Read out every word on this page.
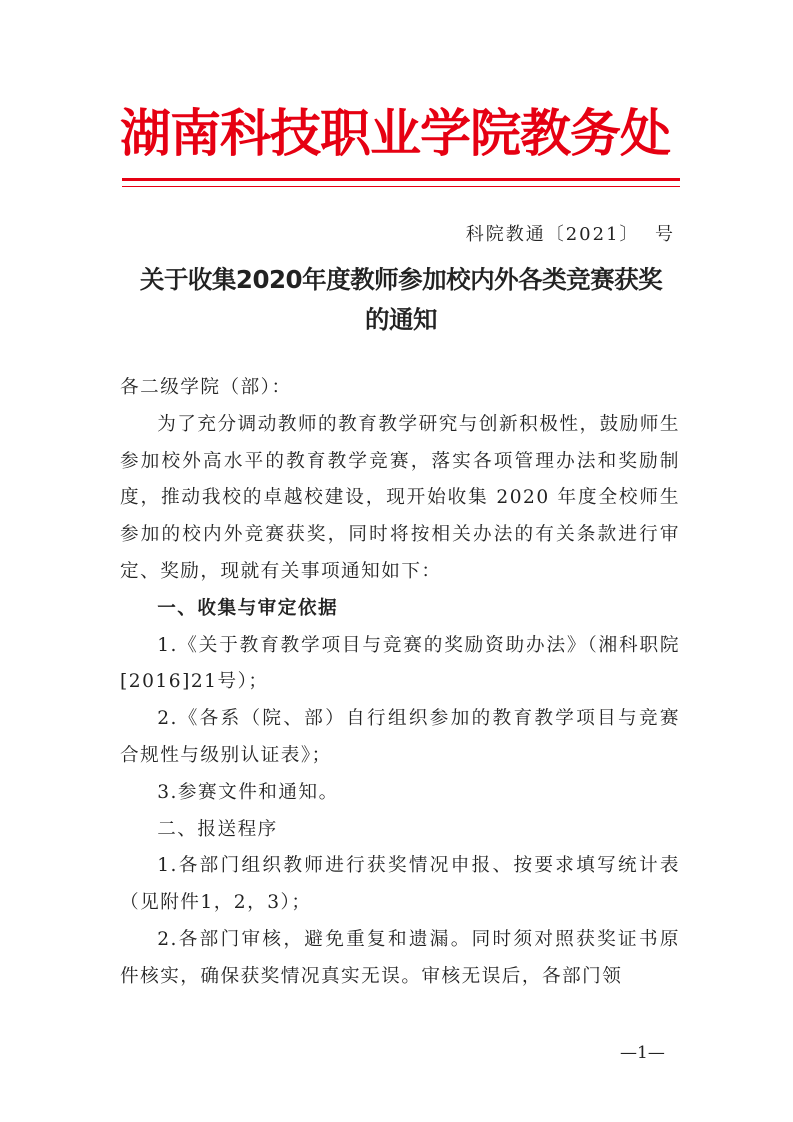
湖南科技职业学院教务处
科院教通〔2021〕  号
关于收集2020年度教师参加校内外各类竞赛获奖
的通知

各二级学院（部）：

为了充分调动教师的教育教学研究与创新积极性，鼓励师生参加校外高水平的教育教学竞赛，落实各项管理办法和奖励制度，推动我校的卓越校建设，现开始收集 2020 年度全校师生参加的校内外竞赛获奖，同时将按相关办法的有关条款进行审定、奖励，现就有关事项通知如下：

一、收集与审定依据

1.《关于教育教学项目与竞赛的奖励资助办法》（湘科职院[2016]21号）；

2.《各系（院、部）自行组织参加的教育教学项目与竞赛合规性与级别认证表》；

3.参赛文件和通知。

二、报送程序

1.各部门组织教师进行获奖情况申报、按要求填写统计表（见附件1，2，3）；

2.各部门审核，避免重复和遗漏。同时须对照获奖证书原件核实，确保获奖情况真实无误。审核无误后，各部门领

—1—
